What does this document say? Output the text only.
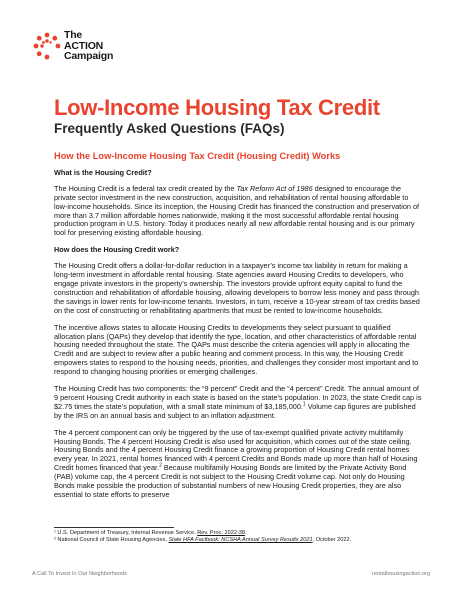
The
ACTION
Campaign
Low-Income Housing Tax Credit
Frequently Asked Questions (FAQs)
How the Low-Income Housing Tax Credit (Housing Credit) Works
What is the Housing Credit?

The Housing Credit is a federal tax credit created by the Tax Reform Act of 1986 designed to encourage the private sector investment in the new construction, acquisition, and rehabilitation of rental housing affordable to low-income households. Since its inception, the Housing Credit has financed the construction and preservation of more than 3.7 million affordable homes nationwide, making it the most successful affordable rental housing production program in U.S. history. Today it produces nearly all new affordable rental housing and is our primary tool for preserving existing affordable housing.

How does the Housing Credit work?

The Housing Credit offers a dollar-for-dollar reduction in a taxpayer’s income tax liability in return for making a long-term investment in affordable rental housing. State agencies award Housing Credits to developers, who engage private investors in the property’s ownership. The investors provide upfront equity capital to fund the construction and rehabilitation of affordable housing, allowing developers to borrow less money and pass through the savings in lower rents for low-income tenants. Investors, in turn, receive a 10-year stream of tax credits based on the cost of constructing or rehabilitating apartments that must be rented to low-income households.

The incentive allows states to allocate Housing Credits to developments they select pursuant to qualified allocation plans (QAPs) they develop that identify the type, location, and other characteristics of affordable rental housing needed throughout the state. The QAPs must describe the criteria agencies will apply in allocating the Credit and are subject to review after a public hearing and comment process. In this way, the Housing Credit empowers states to respond to the housing needs, priorities, and challenges they consider most important and to respond to changing housing priorities or emerging challenges.

The Housing Credit has two components: the “9 percent” Credit and the “4 percent” Credit. The annual amount of 9 percent Housing Credit authority in each state is based on the state’s population. In 2023, the state Credit cap is $2.75 times the state’s population, with a small state minimum of $3,185,000.$^1$ Volume cap figures are published by the IRS on an annual basis and subject to an inflation adjustment.

The 4 percent component can only be triggered by the use of tax-exempt qualified private activity multifamily Housing Bonds. The 4 percent Housing Credit is also used for acquisition, which comes out of the state ceiling. Housing Bonds and the 4 percent Housing Credit finance a growing proportion of Housing Credit rental homes every year. In 2021, rental homes financed with 4 percent Credits and Bonds made up more than half of Housing Credit homes financed that year.$^2$ Because multifamily Housing Bonds are limited by the Private Activity Bond (PAB) volume cap, the 4 percent Credit is not subject to the Housing Credit volume cap. Not only do Housing Bonds make possible the production of substantial numbers of new Housing Credit properties, they are also essential to state efforts to preserve

¹ U.S. Department of Treasury, Internal Revenue Service, Rev. Proc. 2022-38.
² National Council of State Housing Agencies, State HFA Factbook: NCSHA Annual Survey Results 2021, October 2022.
A Call To Invest In Our Neighborhoods	rentalhousingaction.org
